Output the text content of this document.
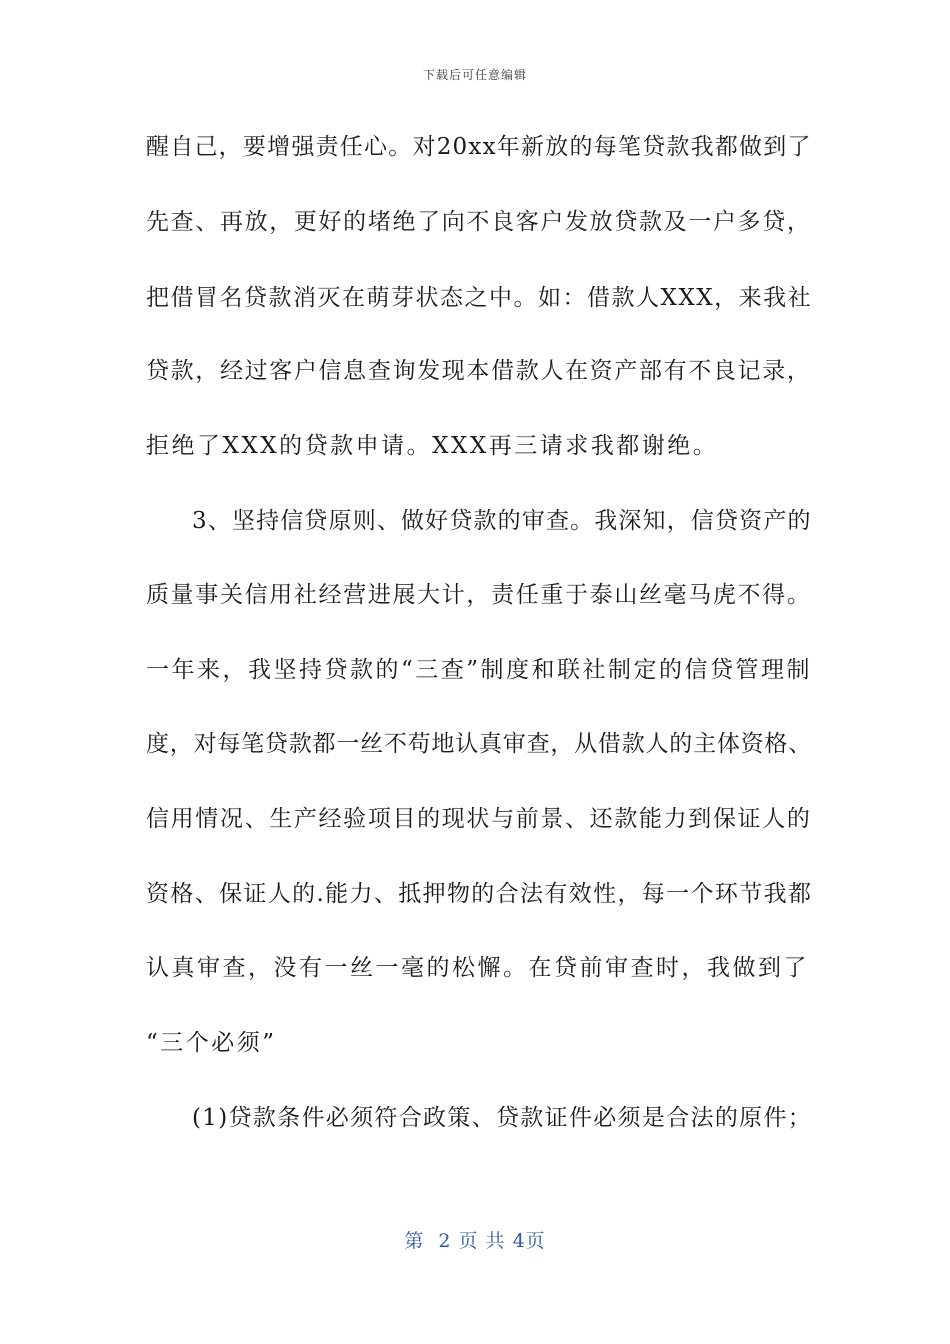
下载后可任意编辑
醒自己，要增强责任心。对20xx年新放的每笔贷款我都做到了
先查、再放，更好的堵绝了向不良客户发放贷款及一户多贷，
把借冒名贷款消灭在萌芽状态之中。如：借款人XXX，来我社
贷款，经过客户信息查询发现本借款人在资产部有不良记录，
拒绝了XXX的贷款申请。XXX再三请求我都谢绝。
3、坚持信贷原则、做好贷款的审查。我深知，信贷资产的
质量事关信用社经营进展大计，责任重于泰山丝毫马虎不得。
一年来，我坚持贷款的“三查”制度和联社制定的信贷管理制
度，对每笔贷款都一丝不苟地认真审查，从借款人的主体资格、
信用情况、生产经验项目的现状与前景、还款能力到保证人的
资格、保证人的.能力、抵押物的合法有效性，每一个环节我都
认真审查，没有一丝一毫的松懈。在贷前审查时，我做到了
“三个必须”
(1)贷款条件必须符合政策、贷款证件必须是合法的原件；
第  2 页 共 4页
